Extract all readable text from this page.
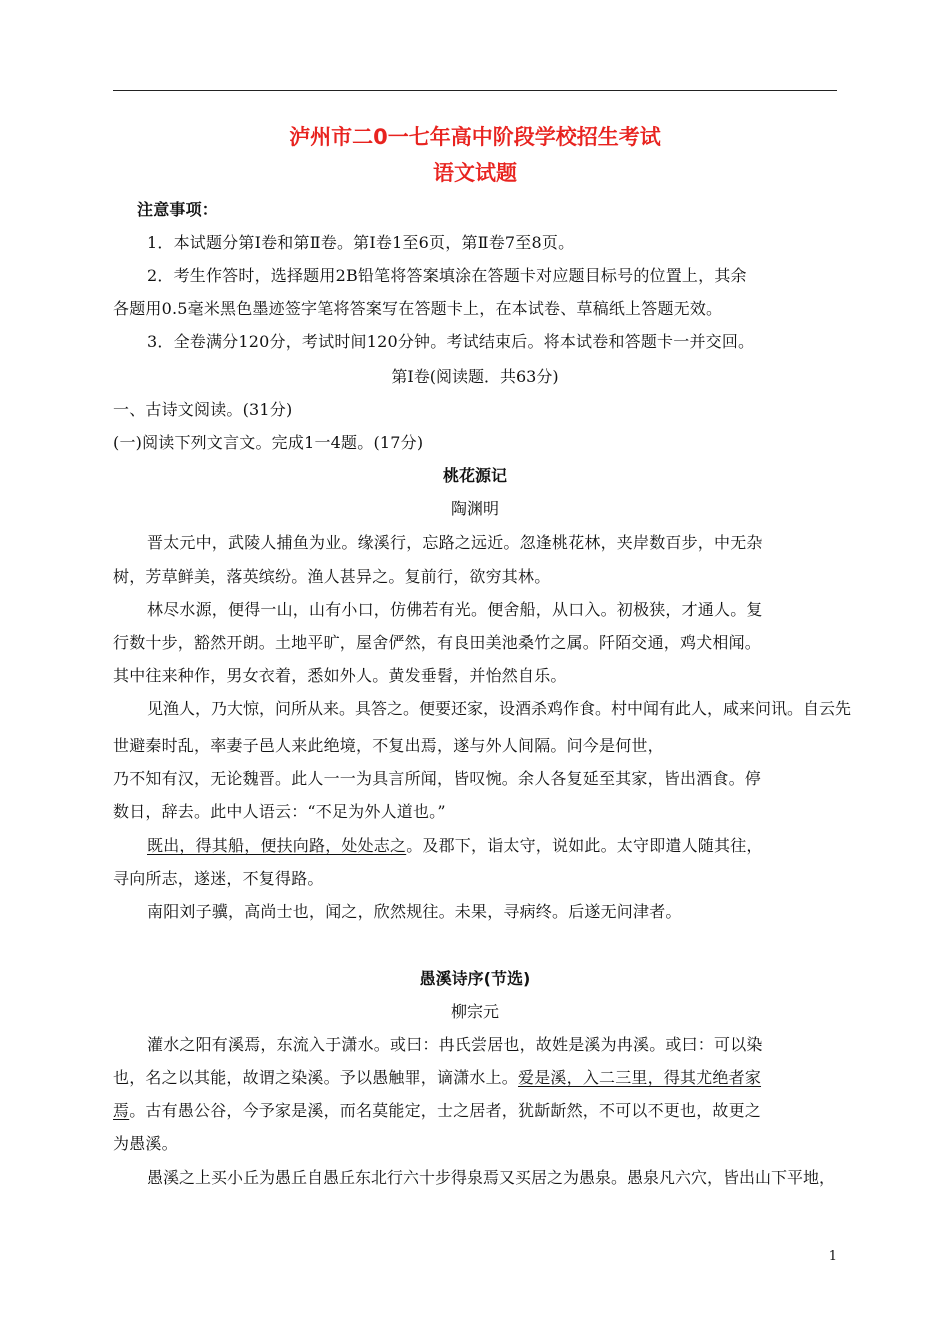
泸州市二0一七年高中阶段学校招生考试
语文试题
注意事项：
1．本试题分第Ⅰ卷和第Ⅱ卷。第Ⅰ卷1至6页，第Ⅱ卷7至8页。
2．考生作答时，选择题用2B铅笔将答案填涂在答题卡对应题目标号的位置上，其余
各题用0.5毫米黑色墨迹签字笔将答案写在答题卡上，在本试卷、草稿纸上答题无效。
3．全卷满分120分，考试时间120分钟。考试结束后。将本试卷和答题卡一并交回。
第Ⅰ卷(阅读题．共63分)
一、古诗文阅读。(31分)
(一)阅读下列文言文。完成1一4题。(17分)
桃花源记
陶渊明
晋太元中，武陵人捕鱼为业。缘溪行，忘路之远近。忽逢桃花林，夹岸数百步，中无杂
树，芳草鲜美，落英缤纷。渔人甚异之。复前行，欲穷其林。
林尽水源，便得一山，山有小口，仿佛若有光。便舍船，从口入。初极狭，才通人。复
行数十步，豁然开朗。土地平旷，屋舍俨然，有良田美池桑竹之属。阡陌交通，鸡犬相闻。
其中往来种作，男女衣着，悉如外人。黄发垂髫，并怡然自乐。
见渔人，乃大惊，问所从来。具答之。便要还家，设酒杀鸡作食。村中闻有此人，咸来问讯。自云先
世避秦时乱，率妻子邑人来此绝境，不复出焉，遂与外人间隔。问今是何世，
乃不知有汉，无论魏晋。此人一一为具言所闻，皆叹惋。余人各复延至其家，皆出酒食。停
数日，辞去。此中人语云：“不足为外人道也。”
既出，得其船，便扶向路，处处志之。及郡下，诣太守，说如此。太守即遣人随其往，
寻向所志，遂迷，不复得路。
南阳刘子骥，高尚士也，闻之，欣然规往。未果，寻病终。后遂无问津者。
愚溪诗序(节选)
柳宗元
灌水之阳有溪焉，东流入于潇水。或曰：冉氏尝居也，故姓是溪为冉溪。或曰：可以染
也，名之以其能，故谓之染溪。予以愚触罪，谪潇水上。爱是溪，入二三里，得其尤绝者家
焉。古有愚公谷，今予家是溪，而名莫能定，士之居者，犹龂龂然，不可以不更也，故更之
为愚溪。
愚溪之上买小丘为愚丘自愚丘东北行六十步得泉焉又买居之为愚泉。愚泉凡六穴，皆出山下平地，
1
